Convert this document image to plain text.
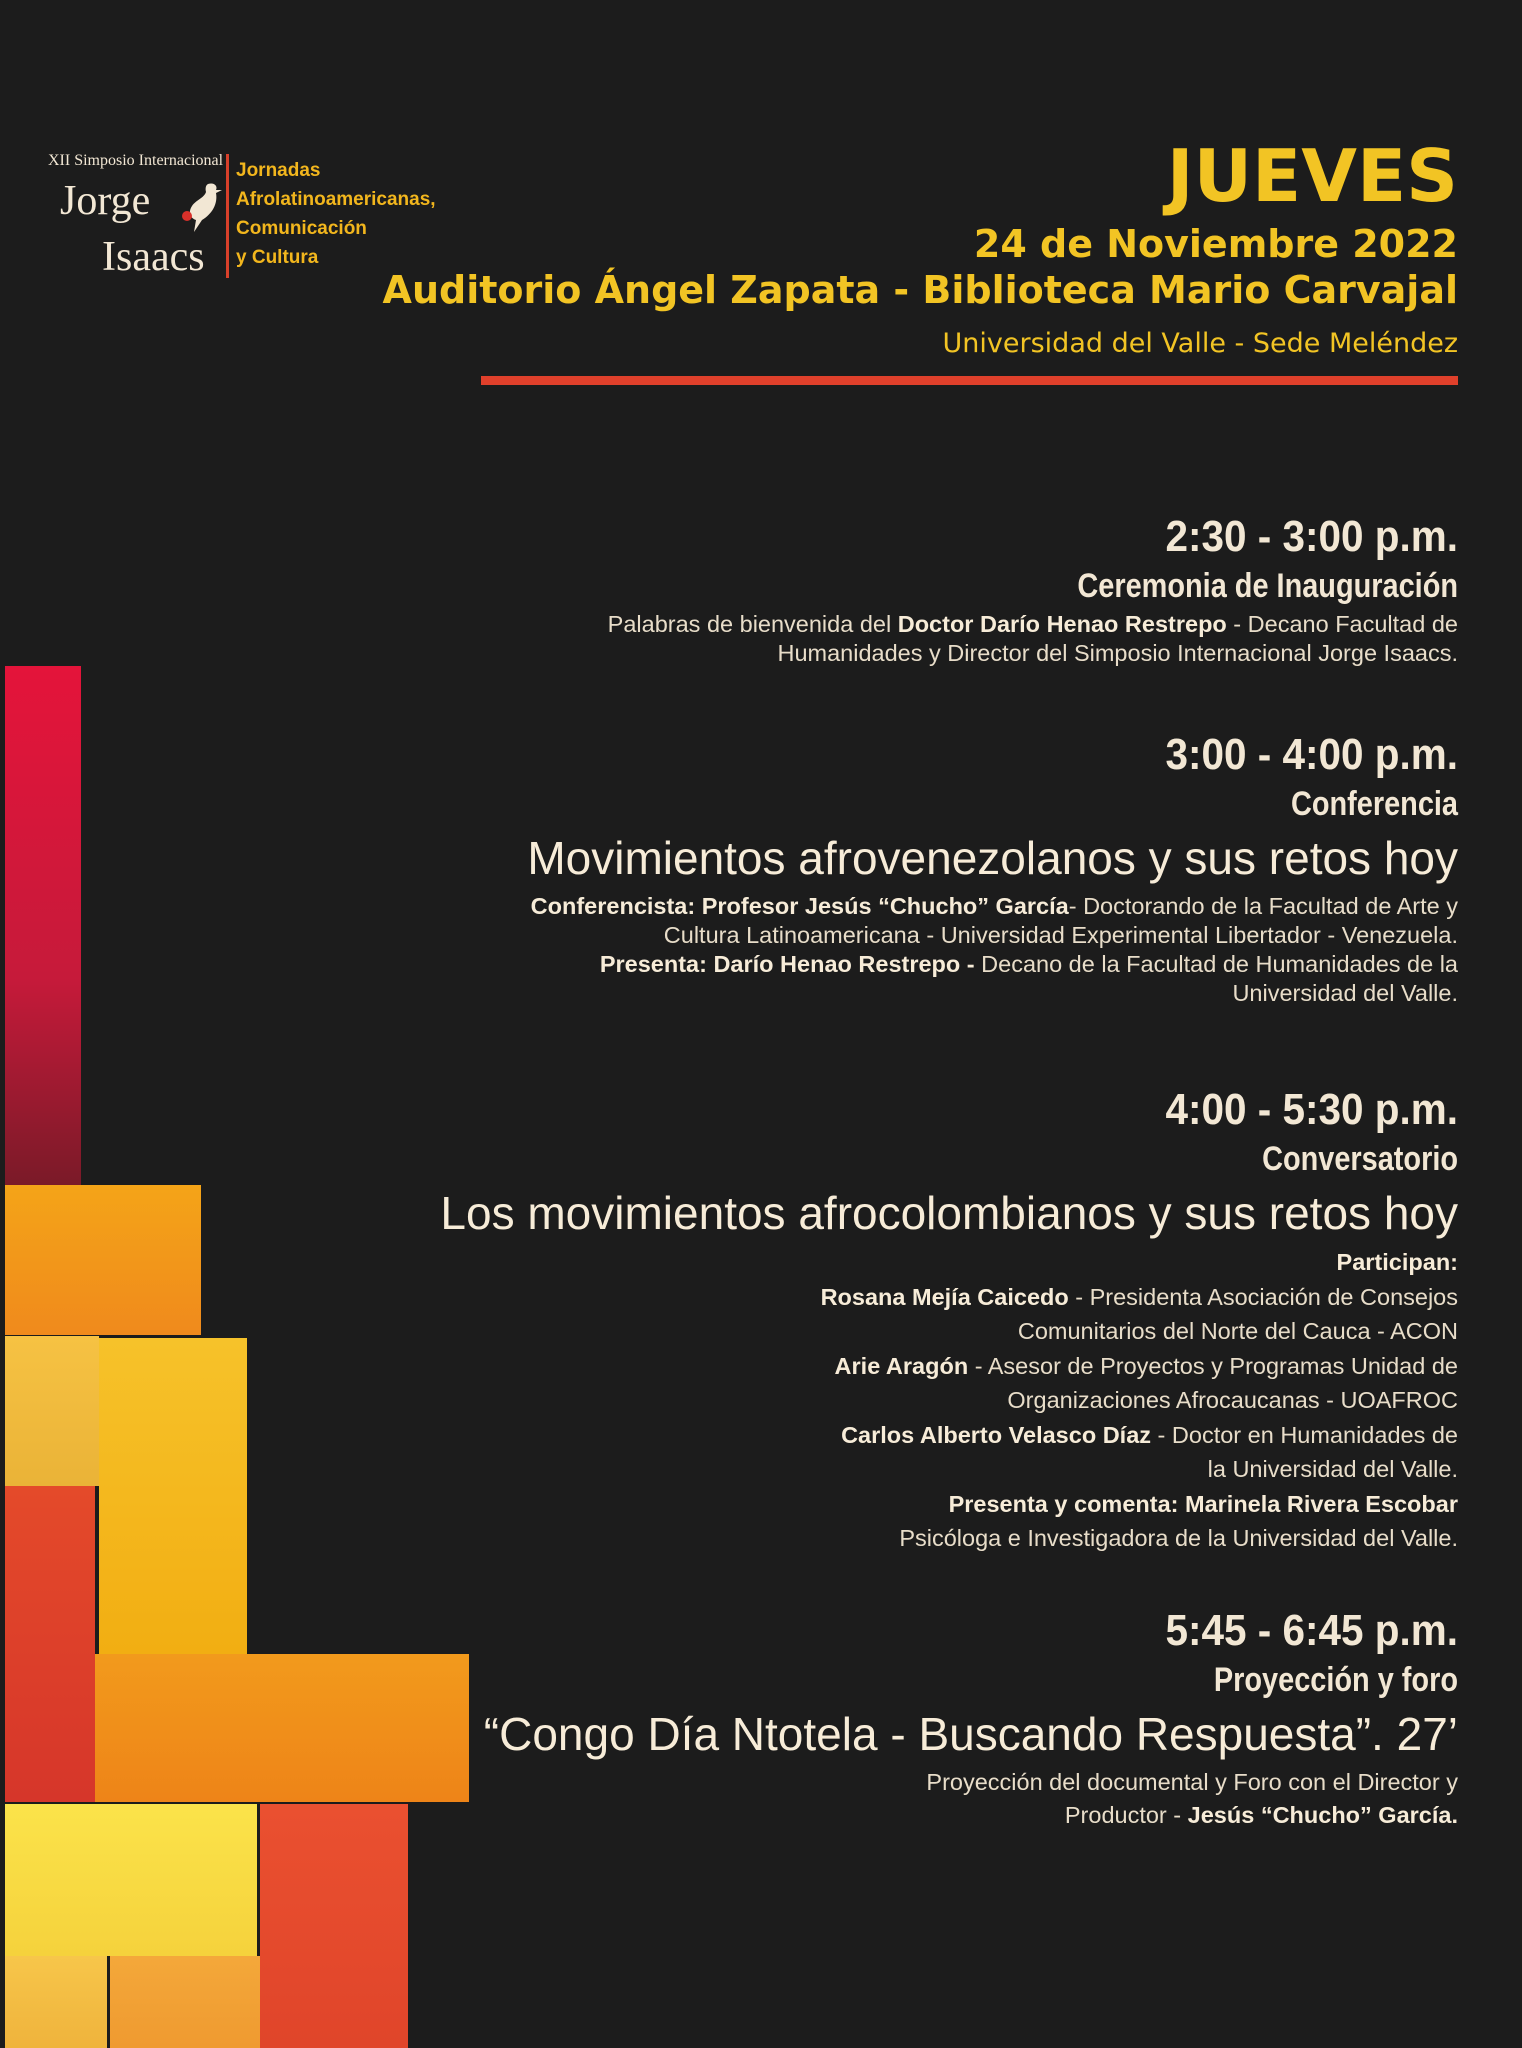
XII Simposio Internacional
Jorge
Isaacs
Jornadas
Afrolatinoamericanas,
Comunicación
y Cultura
JUEVES
24 de Noviembre 2022
Auditorio Ángel Zapata - Biblioteca Mario Carvajal
Universidad del Valle - Sede Meléndez
2:30 - 3:00 p.m.
Ceremonia de Inauguración

Palabras de bienvenida del Doctor Darío Henao Restrepo - Decano Facultad de

Humanidades y Director del Simposio Internacional Jorge Isaacs.

3:00 - 4:00 p.m.
Conferencia
Movimientos afrovenezolanos y sus retos hoy

Conferencista: Profesor Jesús “Chucho” García- Doctorando de la Facultad de Arte y

Cultura Latinoamericana - Universidad Experimental Libertador - Venezuela.

Presenta: Darío Henao Restrepo - Decano de la Facultad de Humanidades de la

Universidad del Valle.

4:00 - 5:30 p.m.
Conversatorio
Los movimientos afrocolombianos y sus retos hoy

Participan:

Rosana Mejía Caicedo - Presidenta Asociación de Consejos

Comunitarios del Norte del Cauca - ACON

Arie Aragón - Asesor de Proyectos y Programas Unidad de

Organizaciones Afrocaucanas - UOAFROC

Carlos Alberto Velasco Díaz - Doctor en Humanidades de

la Universidad del Valle.

Presenta y comenta: Marinela Rivera Escobar

Psicóloga e Investigadora de la Universidad del Valle.

5:45 - 6:45 p.m.
Proyección y foro
“Congo Día Ntotela - Buscando Respuesta”. 27’

Proyección del documental y Foro con el Director y

Productor - Jesús “Chucho” García.
